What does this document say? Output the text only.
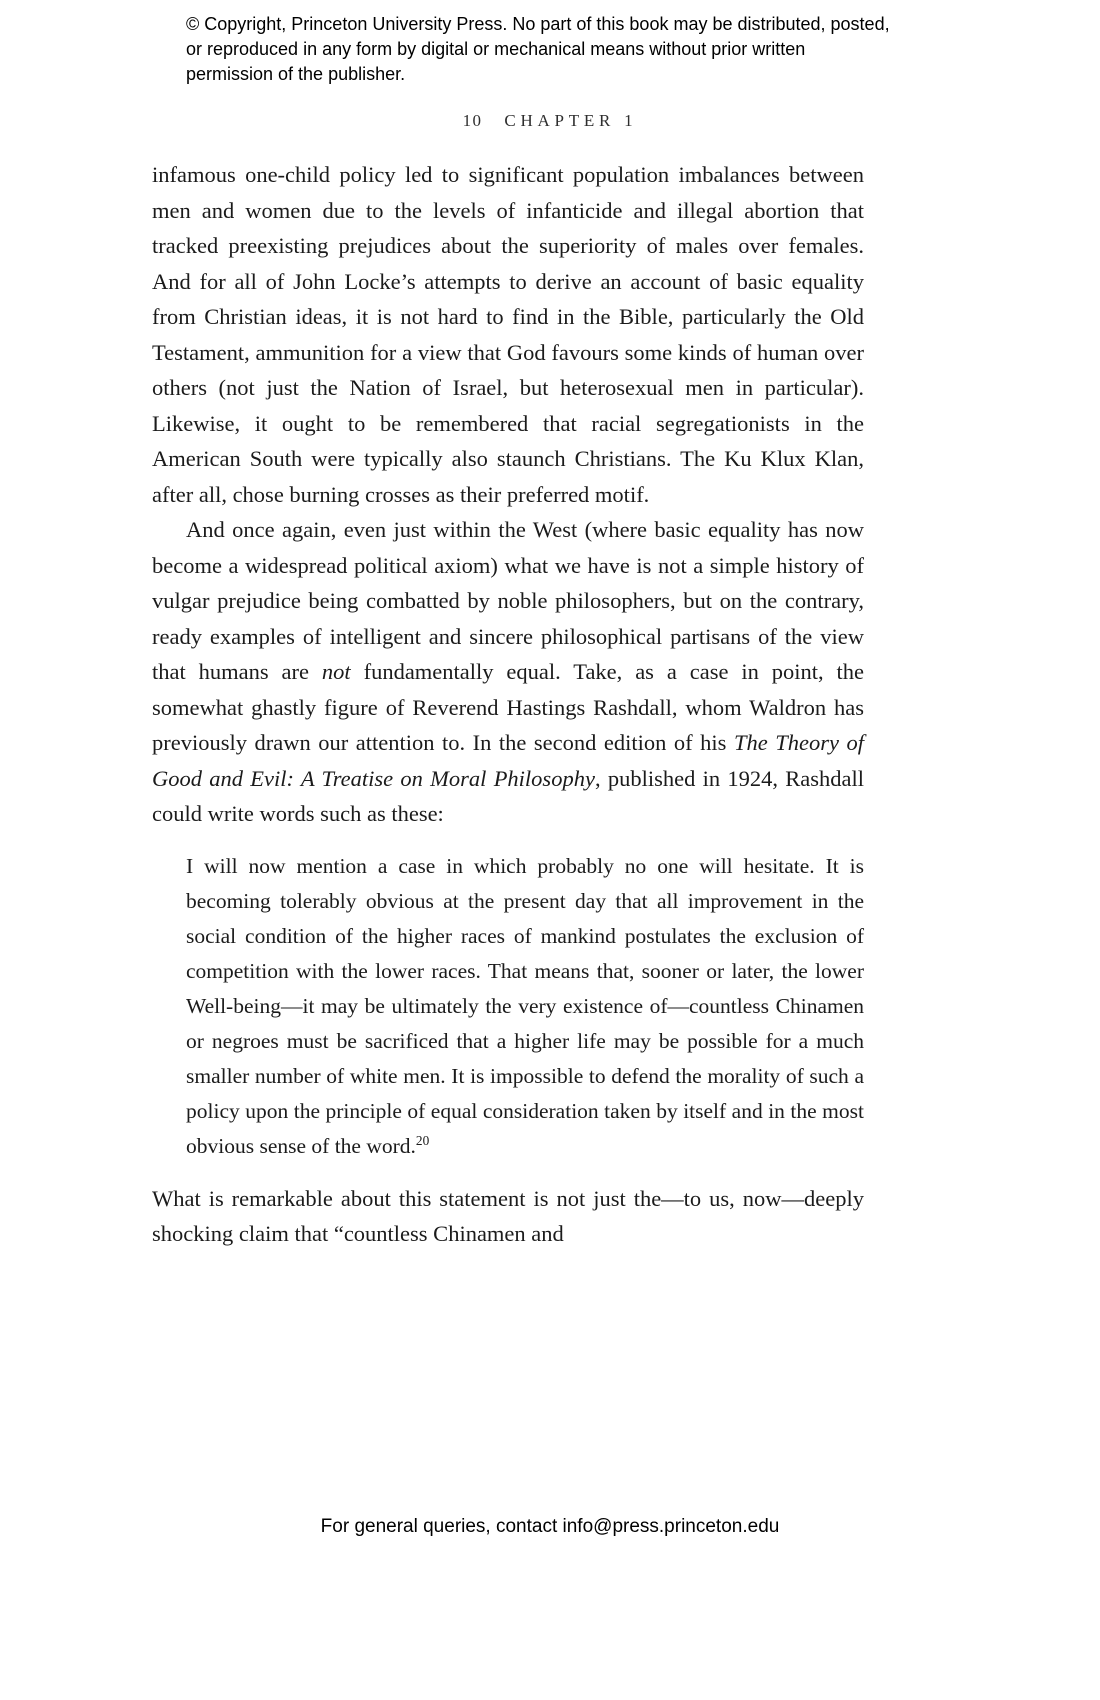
© Copyright, Princeton University Press. No part of this book may be distributed, posted, or reproduced in any form by digital or mechanical means without prior written permission of the publisher.
10 CHAPTER 1

infamous one-child policy led to significant population imbalances between men and women due to the levels of infanticide and illegal abortion that tracked preexisting prejudices about the superiority of males over females. And for all of John Locke’s attempts to derive an account of basic equality from Christian ideas, it is not hard to find in the Bible, particularly the Old Testament, ammunition for a view that God favours some kinds of human over others (not just the Nation of Israel, but heterosexual men in particular). Likewise, it ought to be remembered that racial segregationists in the American South were typically also staunch Christians. The Ku Klux Klan, after all, chose burning crosses as their preferred motif.

And once again, even just within the West (where basic equality has now become a widespread political axiom) what we have is not a simple history of vulgar prejudice being combatted by noble philosophers, but on the contrary, ready examples of intelligent and sincere philosophical partisans of the view that humans are not fundamentally equal. Take, as a case in point, the somewhat ghastly figure of Reverend Hastings Rashdall, whom Waldron has previously drawn our attention to. In the second edition of his The Theory of Good and Evil: A Treatise on Moral Philosophy, published in 1924, Rashdall could write words such as these:

I will now mention a case in which probably no one will hesitate. It is becoming tolerably obvious at the present day that all improvement in the social condition of the higher races of mankind postulates the exclusion of competition with the lower races. That means that, sooner or later, the lower Well-being—it may be ultimately the very existence of—countless Chinamen or negroes must be sacrificed that a higher life may be possible for a much smaller number of white men. It is impossible to defend the morality of such a policy upon the principle of equal consideration taken by itself and in the most obvious sense of the word.$^{20}$

What is remarkable about this statement is not just the—to us, now—deeply shocking claim that “countless Chinamen and

For general queries, contact info@press.princeton.edu
